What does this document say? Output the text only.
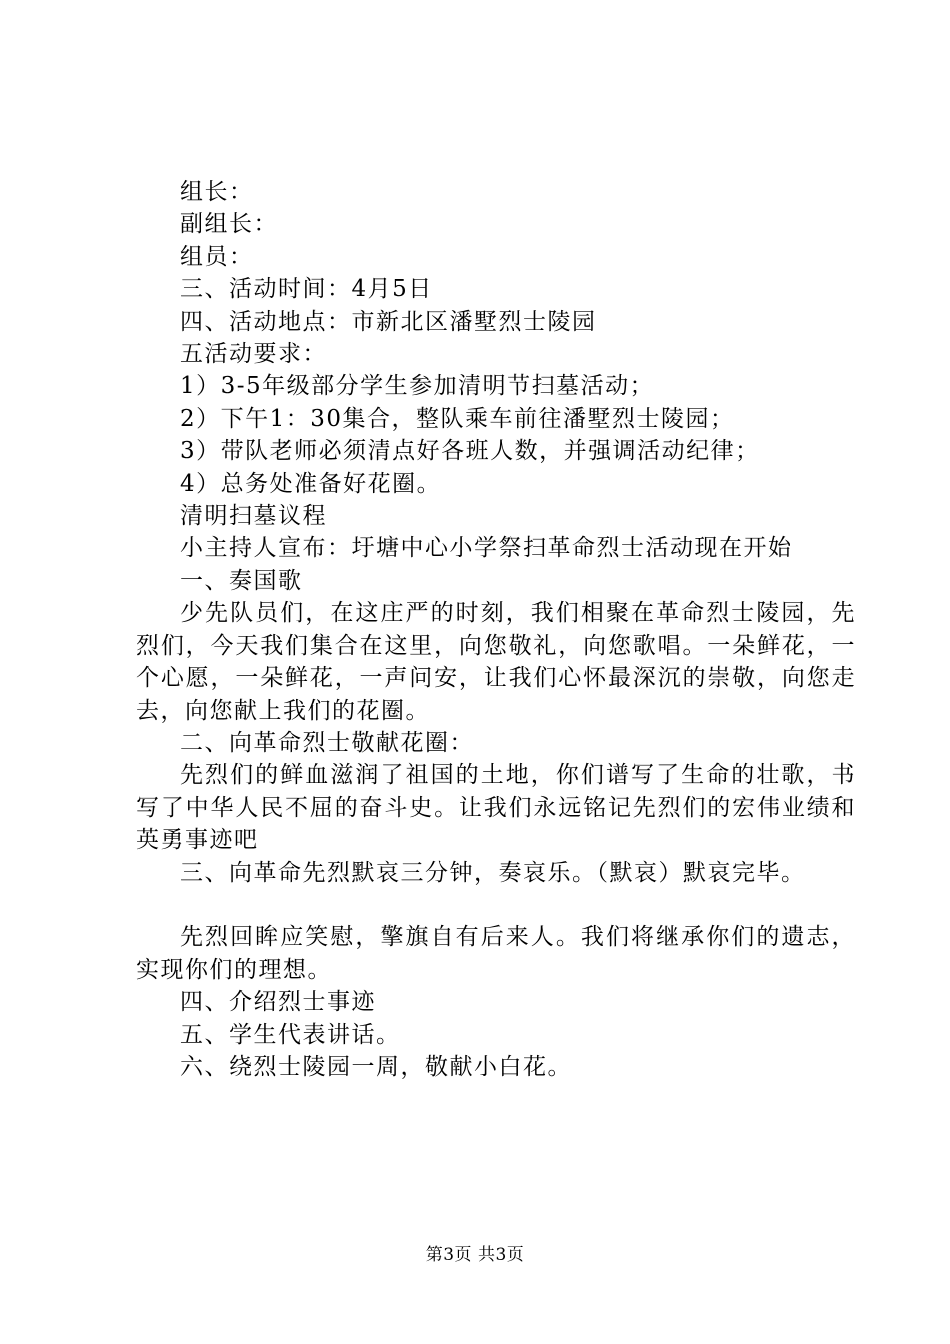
组长：

副组长：

组员：

三、活动时间：4月5日

四、活动地点：市新北区潘墅烈士陵园

五活动要求：

1）3-5年级部分学生参加清明节扫墓活动；

2）下午1：30集合，整队乘车前往潘墅烈士陵园；

3）带队老师必须清点好各班人数，并强调活动纪律；

4）总务处准备好花圈。

清明扫墓议程

小主持人宣布：圩塘中心小学祭扫革命烈士活动现在开始

一、奏国歌

少先队员们，在这庄严的时刻，我们相聚在革命烈士陵园，先烈们，今天我们集合在这里，向您敬礼，向您歌唱。一朵鲜花，一个心愿，一朵鲜花，一声问安，让我们心怀最深沉的崇敬，向您走去，向您献上我们的花圈。

二、向革命烈士敬献花圈：

先烈们的鲜血滋润了祖国的土地，你们谱写了生命的壮歌，书写了中华人民不屈的奋斗史。让我们永远铭记先烈们的宏伟业绩和英勇事迹吧

三、向革命先烈默哀三分钟，奏哀乐。（默哀）默哀完毕。

先烈回眸应笑慰，擎旗自有后来人。我们将继承你们的遗志，实现你们的理想。

四、介绍烈士事迹

五、学生代表讲话。

六、绕烈士陵园一周，敬献小白花。

第3页 共3页
